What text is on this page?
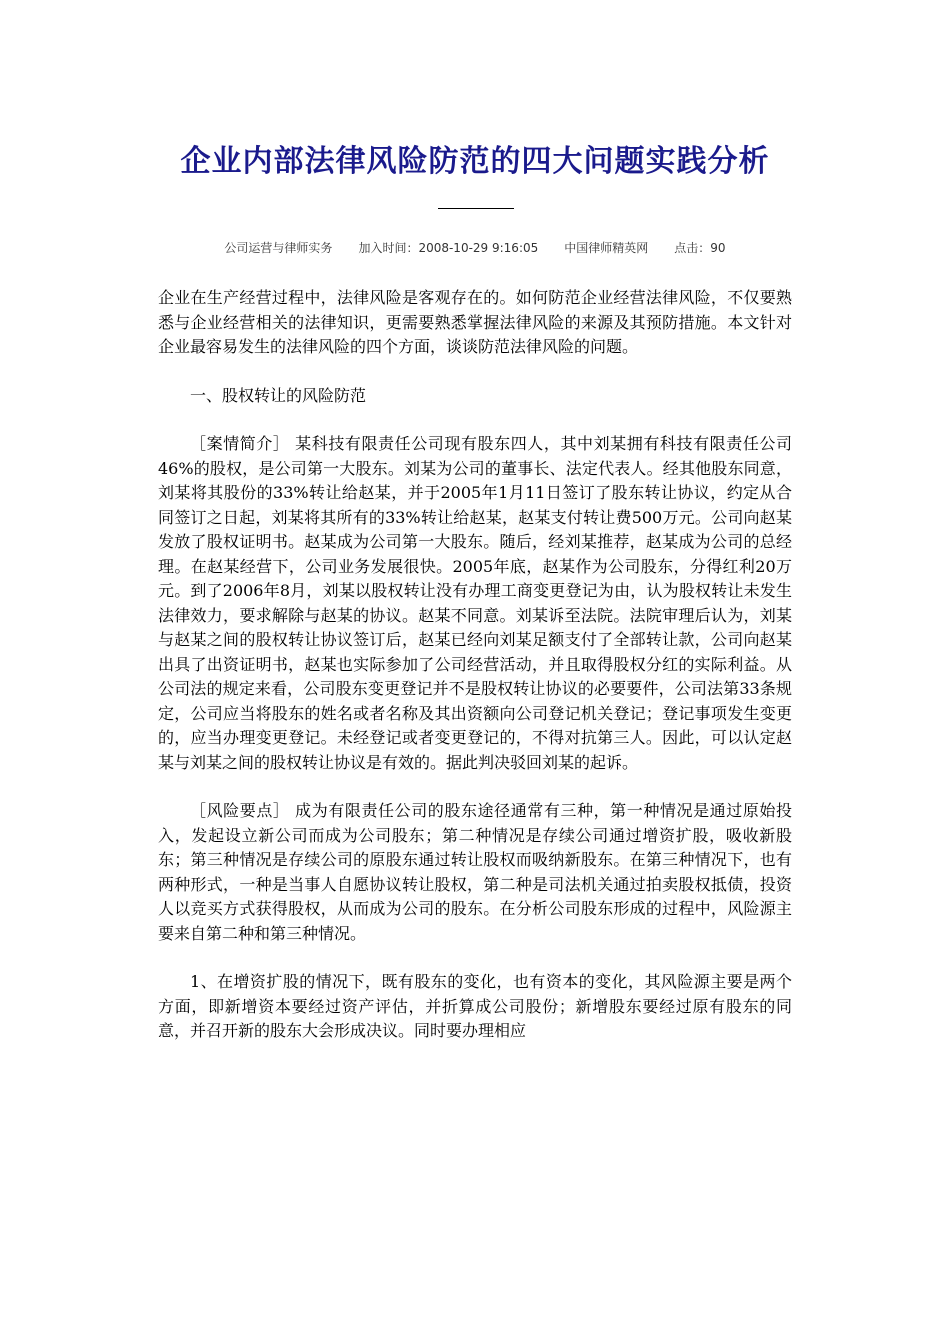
企业内部法律风险防范的四大问题实践分析
公司运营与律师实务 加入时间：2008-10-29 9:16:05 中国律师精英网 点击：90

企业在生产经营过程中，法律风险是客观存在的。如何防范企业经营法律风险，不仅要熟悉与企业经营相关的法律知识，更需要熟悉掌握法律风险的来源及其预防措施。本文针对企业最容易发生的法律风险的四个方面，谈谈防范法律风险的问题。

一、股权转让的风险防范

［案情简介］ 某科技有限责任公司现有股东四人，其中刘某拥有科技有限责任公司46%的股权，是公司第一大股东。刘某为公司的董事长、法定代表人。经其他股东同意，刘某将其股份的33%转让给赵某，并于2005年1月11日签订了股东转让协议，约定从合同签订之日起，刘某将其所有的33%转让给赵某，赵某支付转让费500万元。公司向赵某发放了股权证明书。赵某成为公司第一大股东。随后，经刘某推荐，赵某成为公司的总经理。在赵某经营下，公司业务发展很快。2005年底，赵某作为公司股东，分得红利20万元。到了2006年8月，刘某以股权转让没有办理工商变更登记为由，认为股权转让未发生法律效力，要求解除与赵某的协议。赵某不同意。刘某诉至法院。法院审理后认为，刘某与赵某之间的股权转让协议签订后，赵某已经向刘某足额支付了全部转让款，公司向赵某出具了出资证明书，赵某也实际参加了公司经营活动，并且取得股权分红的实际利益。从公司法的规定来看，公司股东变更登记并不是股权转让协议的必要要件，公司法第33条规定，公司应当将股东的姓名或者名称及其出资额向公司登记机关登记；登记事项发生变更的，应当办理变更登记。未经登记或者变更登记的，不得对抗第三人。因此，可以认定赵某与刘某之间的股权转让协议是有效的。据此判决驳回刘某的起诉。

［风险要点］ 成为有限责任公司的股东途径通常有三种，第一种情况是通过原始投入，发起设立新公司而成为公司股东；第二种情况是存续公司通过增资扩股，吸收新股东；第三种情况是存续公司的原股东通过转让股权而吸纳新股东。在第三种情况下，也有两种形式，一种是当事人自愿协议转让股权，第二种是司法机关通过拍卖股权抵债，投资人以竞买方式获得股权，从而成为公司的股东。在分析公司股东形成的过程中，风险源主要来自第二种和第三种情况。

1、在增资扩股的情况下，既有股东的变化，也有资本的变化，其风险源主要是两个方面，即新增资本要经过资产评估，并折算成公司股份；新增股东要经过原有股东的同意，并召开新的股东大会形成决议。同时要办理相应
